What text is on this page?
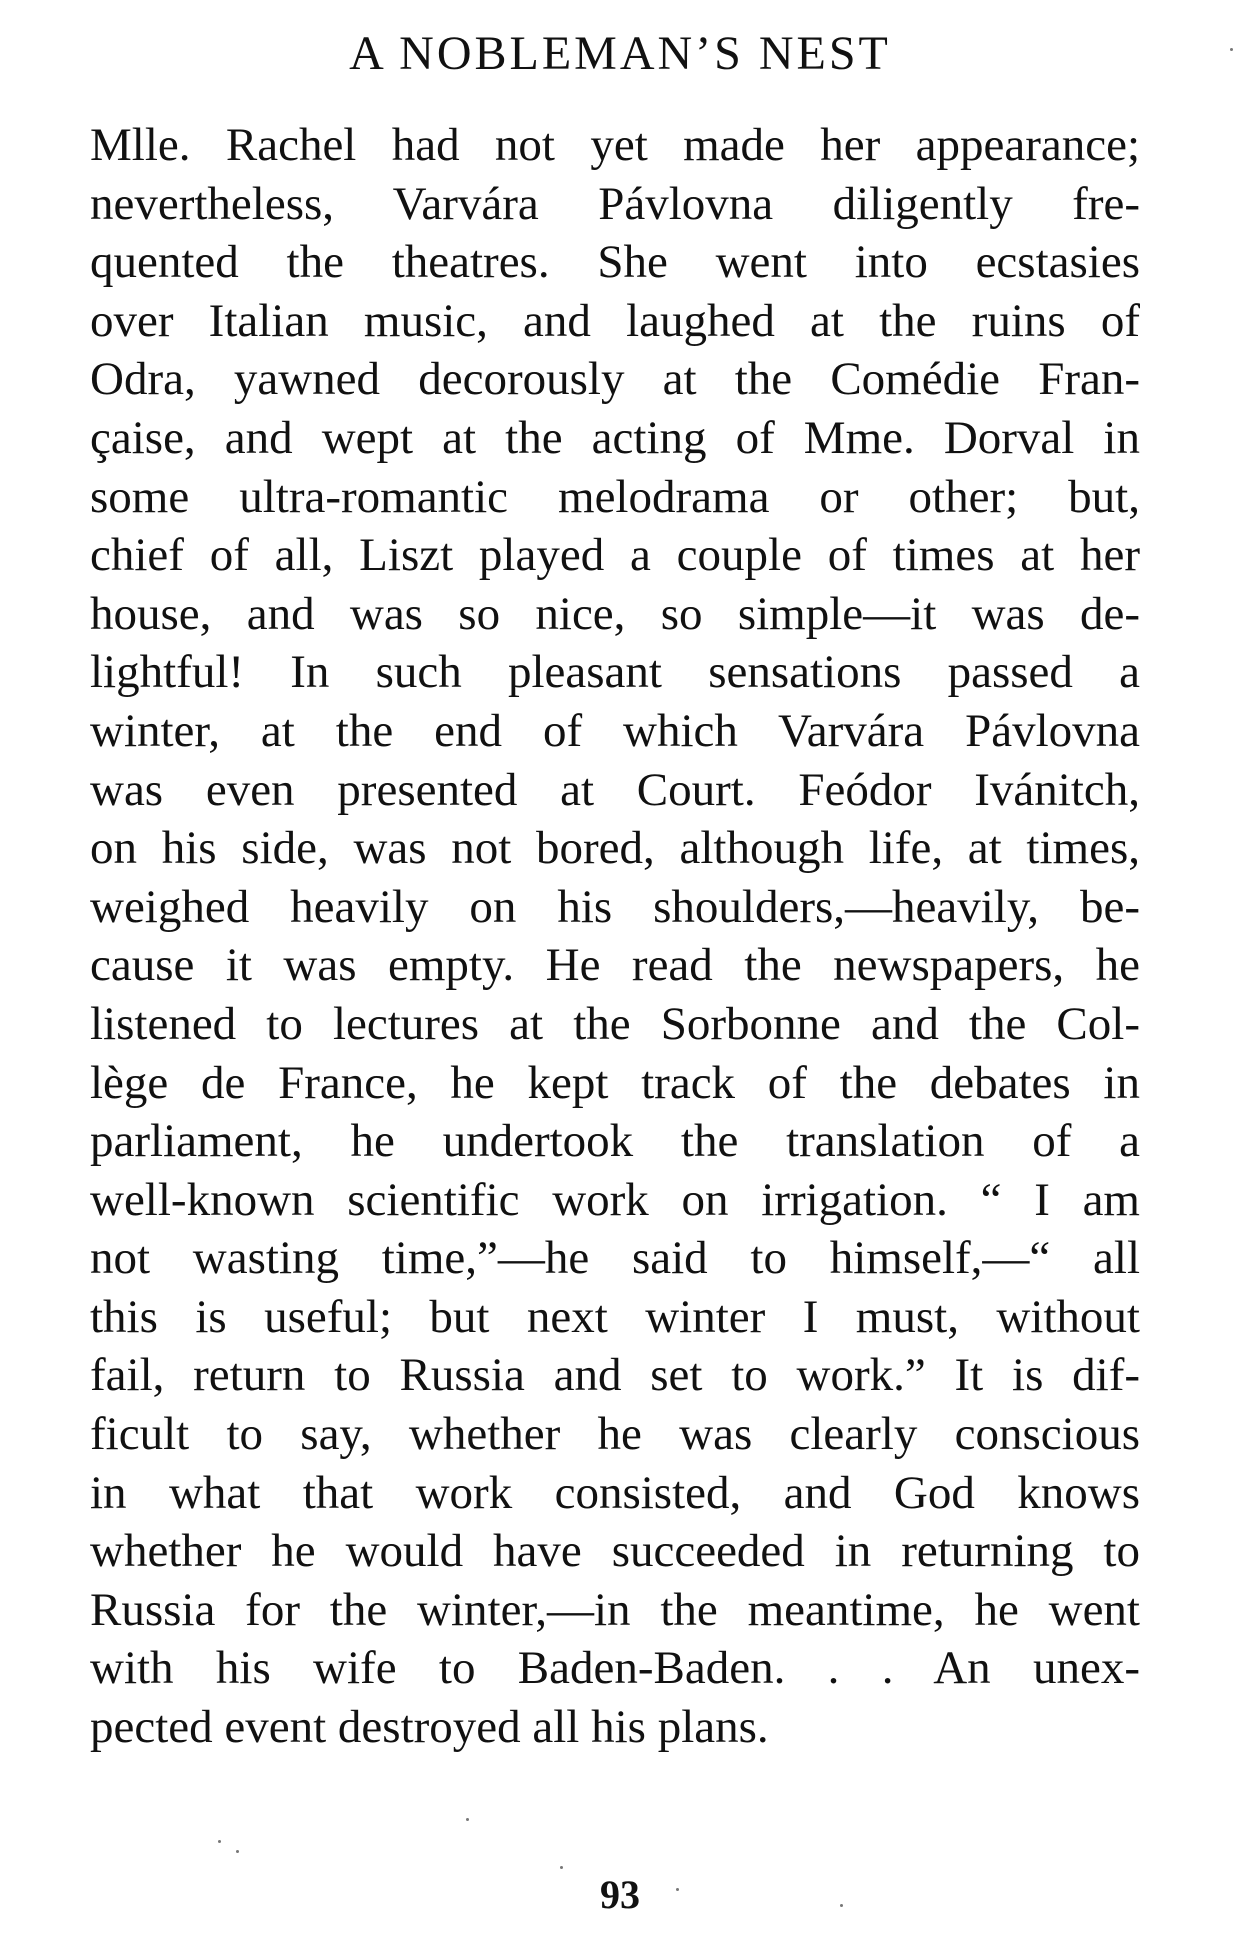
A NOBLEMAN’S NEST
Mlle. Rachel had not yet made her appearance;
nevertheless, Varvára Pávlovna diligently fre-
quented the theatres. She went into ecstasies
over Italian music, and laughed at the ruins of
Odra, yawned decorously at the Comédie Fran-
çaise, and wept at the acting of Mme. Dorval in
some ultra-romantic melodrama or other; but,
chief of all, Liszt played a couple of times at her
house, and was so nice, so simple—it was de-
lightful! In such pleasant sensations passed a
winter, at the end of which Varvára Pávlovna
was even presented at Court. Feódor Ivánitch,
on his side, was not bored, although life, at times,
weighed heavily on his shoulders,—heavily, be-
cause it was empty. He read the newspapers, he
listened to lectures at the Sorbonne and the Col-
lège de France, he kept track of the debates in
parliament, he undertook the translation of a
well-known scientific work on irrigation. “ I am
not wasting time,”—he said to himself,—“ all
this is useful; but next winter I must, without
fail, return to Russia and set to work.” It is dif-
ficult to say, whether he was clearly conscious
in what that work consisted, and God knows
whether he would have succeeded in returning to
Russia for the winter,—in the meantime, he went
with his wife to Baden-Baden. . . An unex-
pected event destroyed all his plans.
93
